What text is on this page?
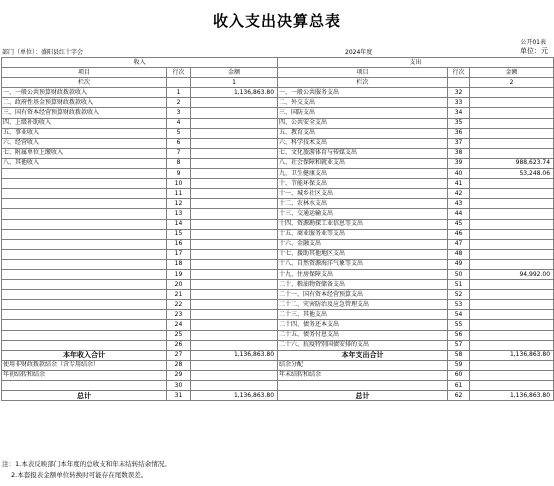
收入支出决算总表
公开01表
部门（单位）：盛阳县红十字会	2024年度	单位：元
收入			支出		
项目	行次	金额	项目	行次	金额
栏次		1	栏次		2
一、一般公共预算财政拨款收入	1	1,136,863.80	一、一般公共服务支出	32	
二、政府性基金预算财政拨款收入	2		二、外交支出	33	
三、国有资本经营预算财政拨款收入	3		三、国防支出	34	
四、上级补助收入	4		四、公共安全支出	35	
五、事业收入	5		五、教育支出	36	
六、经营收入	6		六、科学技术支出	37	
七、附属单位上缴收入	7		七、文化旅游体育与传媒支出	38	
八、其他收入	8		八、社会保障和就业支出	39	988,623.74
	9		九、卫生健康支出	40	53,248.06
	10		十、节能环保支出	41	
	11		十一、城乡社区支出	42	
	12		十二、农林水支出	43	
	13		十三、交通运输支出	44	
	14		十四、资源勘探工业信息等支出	45	
	15		十五、商业服务业等支出	46	
	16		十六、金融支出	47	
	17		十七、援助其他地区支出	48	
	18		十八、自然资源海洋气象等支出	49	
	19		十九、住房保障支出	50	94,992.00
	20		二十、粮油物资储备支出	51	
	21		二十一、国有资本经营预算支出	52	
	22		二十二、灾害防治及应急管理支出	53	
	23		二十三、其他支出	54	
	24		二十四、债务还本支出	55	
	25		二十五、债务付息支出	56	
	26		二十六、抗疫特别国债安排的支出	57	
本年收入合计	27	1,136,863.80	本年支出合计	58	1,136,863.80
使用非财政拨款结余（含专用结余）	28		结余分配	59	
年初结转和结余	29		年末结转和结余	60	
	30			61	
总计	31	1,136,863.80	总计	62	1,136,863.80
注：1.本表反映部门本年度的总收支和年末结转结余情况。
2.本套报表金额单位转换时可能存在尾数误差。
